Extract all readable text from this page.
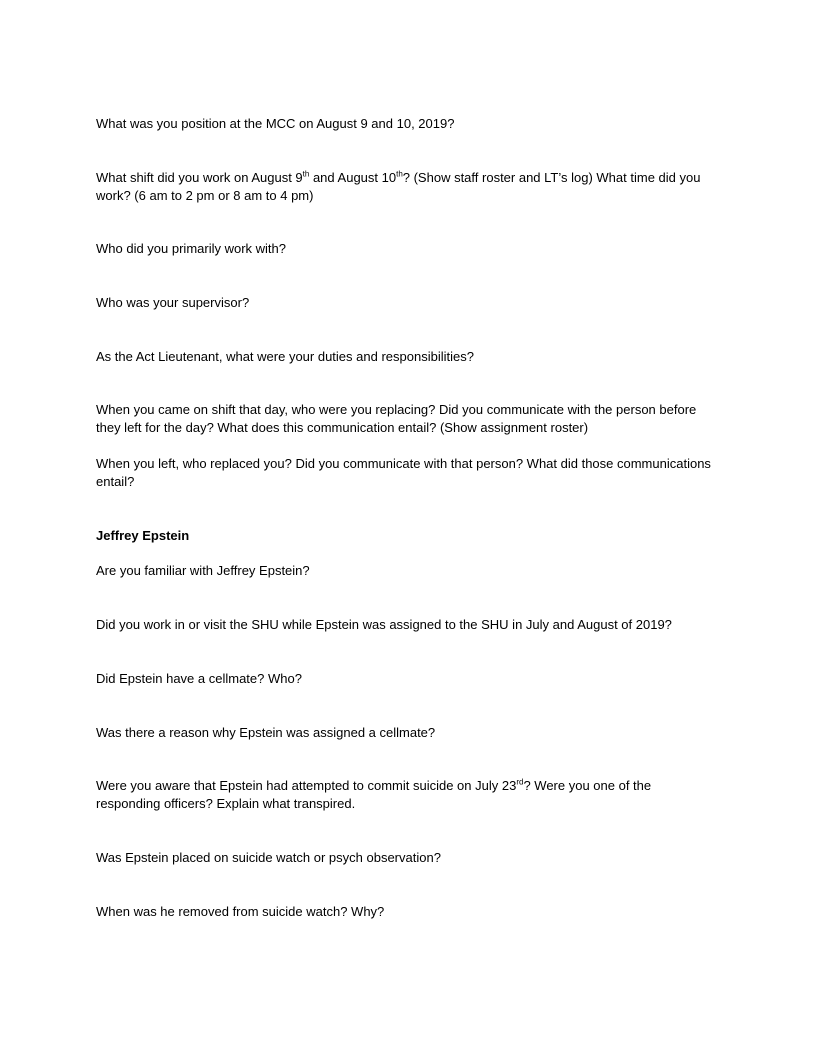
What was you position at the MCC on August 9 and 10, 2019?

What shift did you work on August 9th and August 10th? (Show staff roster and LT’s log) What time did you work? (6 am to 2 pm or 8 am to 4 pm)

Who did you primarily work with?

Who was your supervisor?

As the Act Lieutenant, what were your duties and responsibilities?

When you came on shift that day, who were you replacing? Did you communicate with the person before they left for the day? What does this communication entail? (Show assignment roster)

When you left, who replaced you? Did you communicate with that person? What did those communications entail?

Jeffrey Epstein

Are you familiar with Jeffrey Epstein?

Did you work in or visit the SHU while Epstein was assigned to the SHU in July and August of 2019?

Did Epstein have a cellmate? Who?

Was there a reason why Epstein was assigned a cellmate?

Were you aware that Epstein had attempted to commit suicide on July 23rd? Were you one of the responding officers? Explain what transpired.

Was Epstein placed on suicide watch or psych observation?

When was he removed from suicide watch? Why?
